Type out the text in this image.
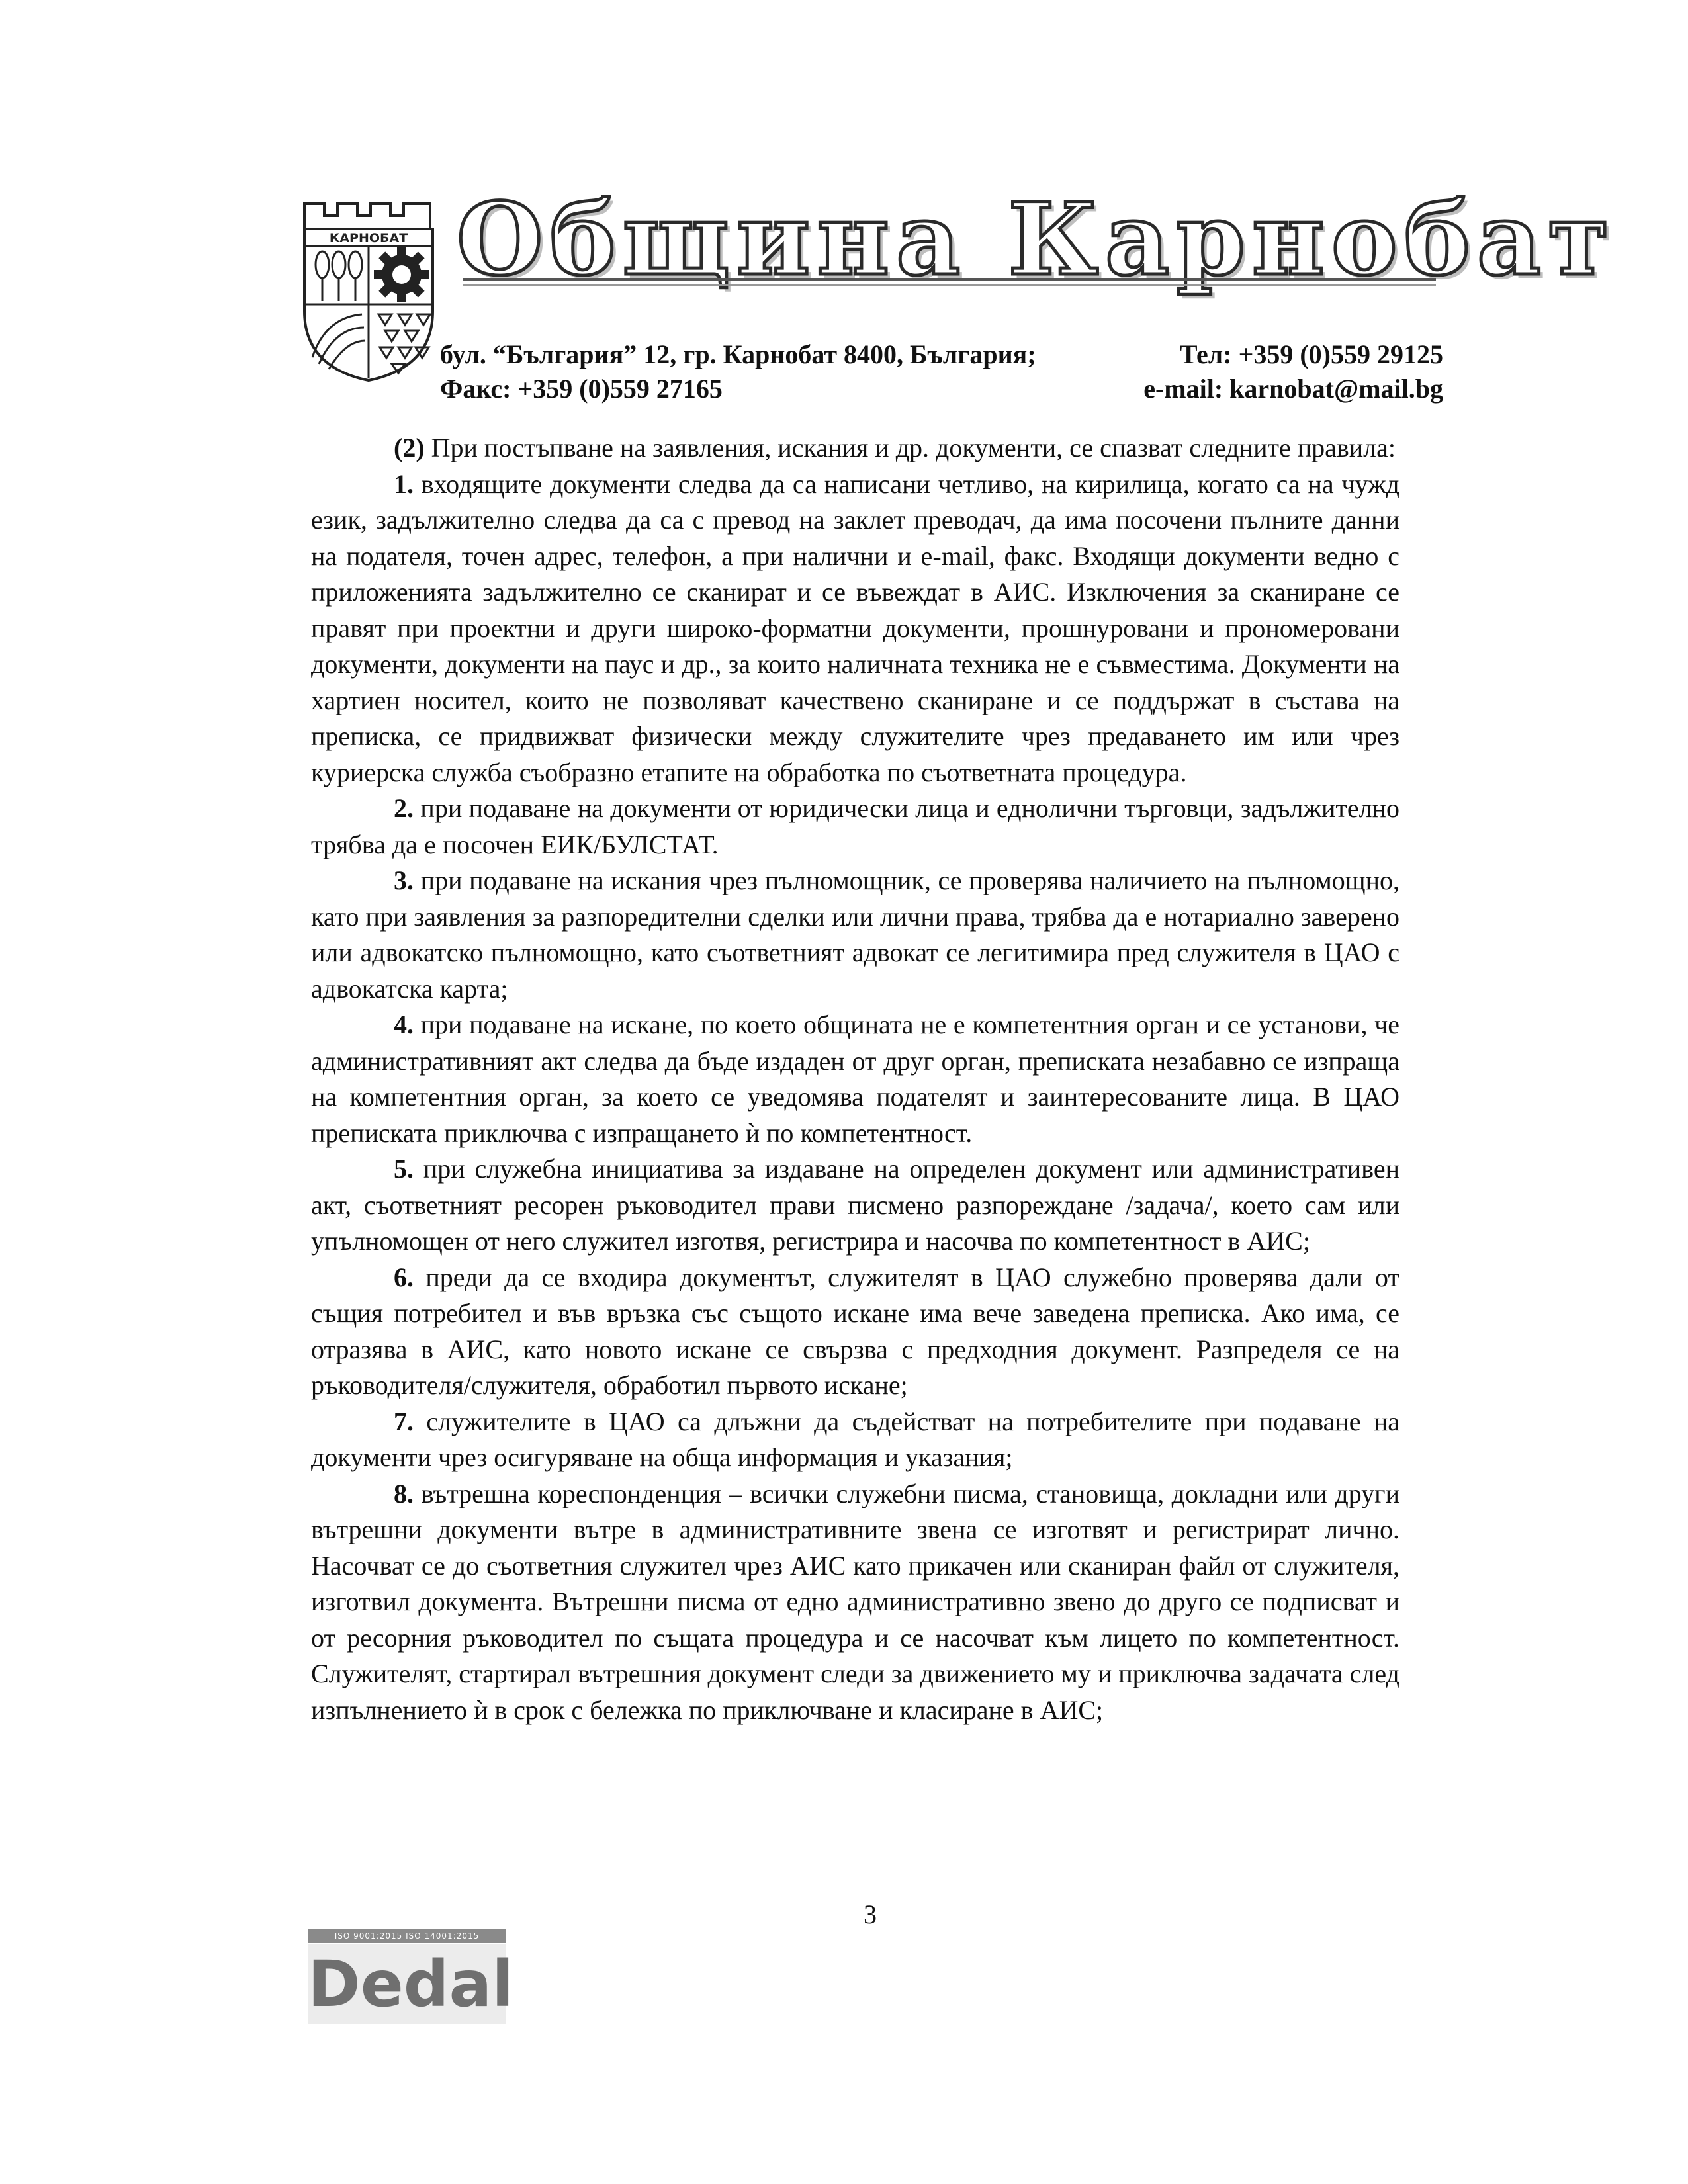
КАРНОБАТ Община Карнобат
бул. “България” 12, гр. Карнобат 8400, България;
Факс: +359 (0)559 27165
Тел: +359 (0)559 29125
e-mail: karnobat@mail.bg

(2) При постъпване на заявления, искания и др. документи, се спазват следните правила:

1. входящите документи следва да са написани четливо, на кирилица, когато са на чужд език, задължително следва да са с превод на заклет преводач, да има посочени пълните данни на подателя, точен адрес, телефон, а при налични и e-mail, факс. Входящи документи ведно с приложенията задължително се сканират и се въвеждат в АИС. Изключения за сканиране се правят при проектни и други широко-форматни документи, прошнуровани и прономеровани документи, документи на паус и др., за които наличната техника не е съвместима. Документи на хартиен носител, които не позволяват качествено сканиране и се поддържат в състава на преписка, се придвижват физически между служителите чрез предаването им или чрез куриерска служба съобразно етапите на обработка по съответната процедура.

2. при подаване на документи от юридически лица и еднолични търговци, задължително трябва да е посочен ЕИК/БУЛСТАТ.

3. при подаване на искания чрез пълномощник, се проверява наличието на пълномощно, като при заявления за разпоредителни сделки или лични права, трябва да е нотариално заверено или адвокатско пълномощно, като съответният адвокат се легитимира пред служителя в ЦАО с адвокатска карта;

4. при подаване на искане, по което общината не е компетентния орган и се установи, че административният акт следва да бъде издаден от друг орган, преписката незабавно се изпраща на компетентния орган, за което се уведомява подателят и заинтересованите лица. В ЦАО преписката приключва с изпращането ѝ по компетентност.

5. при служебна инициатива за издаване на определен документ или административен акт, съответният ресорен ръководител прави писмено разпореждане /задача/, което сам или упълномощен от него служител изготвя, регистрира и насочва по компетентност в АИС;

6. преди да се входира документът, служителят в ЦАО служебно проверява дали от същия потребител и във връзка със същото искане има вече заведена преписка. Ако има, се отразява в АИС, като новото искане се свързва с предходния документ. Разпределя се на ръководителя/служителя, обработил първото искане;

7. служителите в ЦАО са длъжни да съдействат на потребителите при подаване на документи чрез осигуряване на обща информация и указания;

8. вътрешна кореспонденция – всички служебни писма, становища, докладни или други вътрешни документи вътре в административните звена се изготвят и регистрират лично. Насочват се до съответния служител чрез АИС като прикачен или сканиран файл от служителя, изготвил документа. Вътрешни писма от едно административно звено до друго се подписват и от ресорния ръководител по същата процедура и се насочват към лицето по компетентност. Служителят, стартирал вътрешния документ следи за движението му и приключва задачата след изпълнението ѝ в срок с бележка по приключване и класиране в АИС;

3
ISO 9001:2015 ISO 14001:2015
Dedal
